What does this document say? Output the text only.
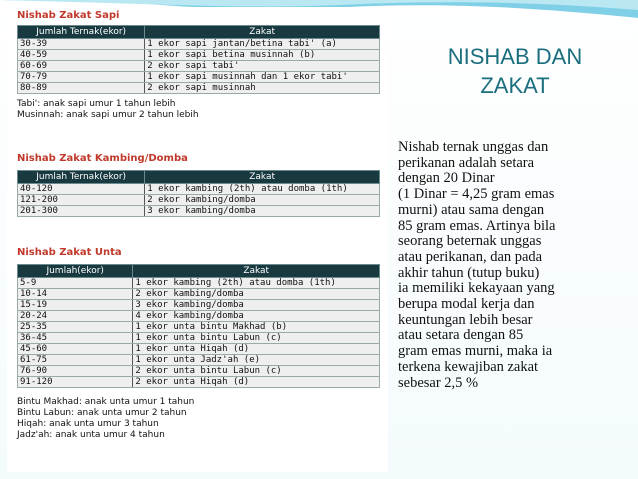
Nishab Zakat Sapi
Jumlah Ternak(ekor)	Zakat
30-39	1 ekor sapi jantan/betina tabi' (a)
40-59	1 ekor sapi betina musinnah (b)
60-69	2 ekor sapi tabi'
70-79	1 ekor sapi musinnah dan 1 ekor tabi'
80-89	2 ekor sapi musinnah
Tabi': anak sapi umur 1 tahun lebih
Musinnah: anak sapi umur 2 tahun lebih
Nishab Zakat Kambing/Domba
Jumlah Ternak(ekor)	Zakat
40-120	1 ekor kambing (2th) atau domba (1th)
121-200	2 ekor kambing/domba
201-300	3 ekor kambing/domba
Nishab Zakat Unta
Jumlah(ekor)	Zakat
5-9	1 ekor kambing (2th) atau domba (1th)
10-14	2 ekor kambing/domba
15-19	3 ekor kambing/domba
20-24	4 ekor kambing/domba
25-35	1 ekor unta bintu Makhad (b)
36-45	1 ekor unta bintu Labun (c)
45-60	1 ekor unta Hiqah (d)
61-75	1 ekor unta Jadz'ah (e)
76-90	2 ekor unta bintu Labun (c)
91-120	2 ekor unta Hiqah (d)
Bintu Makhad: anak unta umur 1 tahun
Bintu Labun: anak unta umur 2 tahun
Hiqah: anak unta umur 3 tahun
Jadz'ah: anak unta umur 4 tahun
NISHAB DAN
ZAKAT
Nishab ternak unggas dan
perikanan adalah setara
dengan 20 Dinar
(1 Dinar = 4,25 gram emas
murni) atau sama dengan
85 gram emas. Artinya bila
seorang beternak unggas
atau perikanan, dan pada
akhir tahun (tutup buku)
ia memiliki kekayaan yang
berupa modal kerja dan
keuntungan lebih besar
atau setara dengan 85
gram emas murni, maka ia
terkena kewajiban zakat
sebesar 2,5 %
